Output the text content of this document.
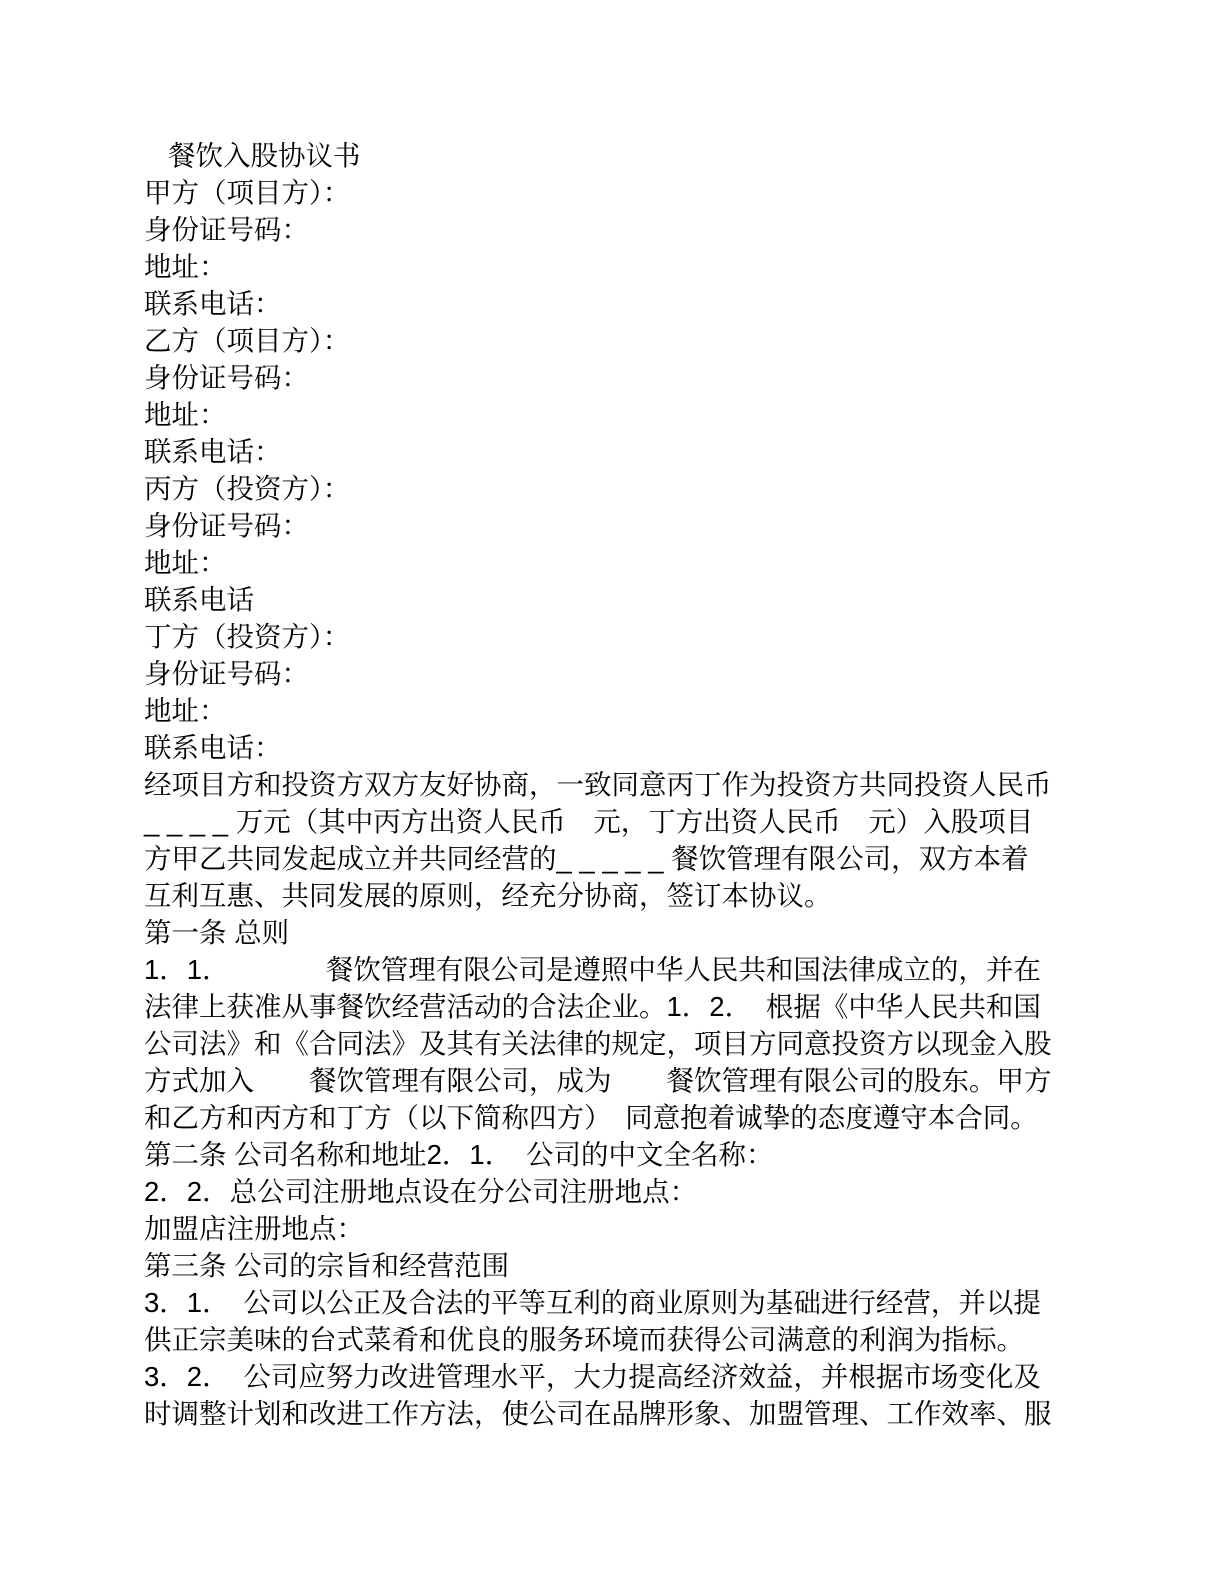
餐饮入股协议书
甲方（项目方）：
身份证号码：
地址：
联系电话：
乙方（项目方）：
身份证号码：
地址：
联系电话：
丙方（投资方）：
身份证号码：
地址：
联系电话
丁方（投资方）：
身份证号码：
地址：
联系电话：
经项目方和投资方双方友好协商，一致同意丙丁作为投资方共同投资人民币
_ _ _ _ 万元（其中丙方出资人民币　元，丁方出资人民币　元）入股项目
方甲乙共同发起成立并共同经营的_ _ _ _ _ 餐饮管理有限公司，双方本着
互利互惠、共同发展的原则，经充分协商，签订本协议。
第一条 总则
1．1．　　　　餐饮管理有限公司是遵照中华人民共和国法律成立的，并在
法律上获准从事餐饮经营活动的合法企业。1．2．　根据《中华人民共和国
公司法》和《合同法》及其有关法律的规定，项目方同意投资方以现金入股
方式加入　　餐饮管理有限公司，成为　　餐饮管理有限公司的股东。甲方
和乙方和丙方和丁方（以下简称四方）　同意抱着诚挚的态度遵守本合同。
第二条 公司名称和地址2．1．　公司的中文全名称：
2．2．总公司注册地点设在分公司注册地点：
加盟店注册地点：
第三条 公司的宗旨和经营范围
3．1．　公司以公正及合法的平等互利的商业原则为基础进行经营，并以提
供正宗美味的台式菜肴和优良的服务环境而获得公司满意的利润为指标。
3．2．　公司应努力改进管理水平，大力提高经济效益，并根据市场变化及
时调整计划和改进工作方法，使公司在品牌形象、加盟管理、工作效率、服
